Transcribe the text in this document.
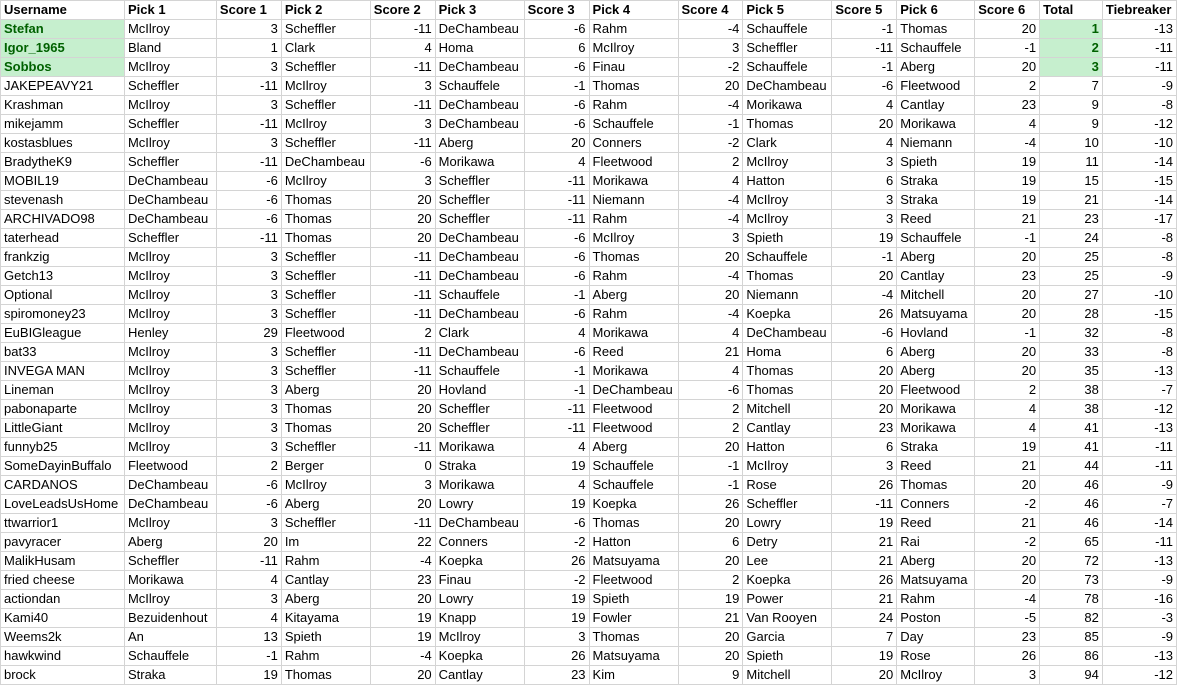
Username	Pick 1	Score 1	Pick 2	Score 2	Pick 3	Score 3	Pick 4	Score 4	Pick 5	Score 5	Pick 6	Score 6	Total	Tiebreaker
Stefan	McIlroy	3	Scheffler	-11	DeChambeau	-6	Rahm	-4	Schauffele	-1	Thomas	20	1	-13
Igor_1965	Bland	1	Clark	4	Homa	6	McIlroy	3	Scheffler	-11	Schauffele	-1	2	-11
Sobbos	McIlroy	3	Scheffler	-11	DeChambeau	-6	Finau	-2	Schauffele	-1	Aberg	20	3	-11
JAKEPEAVY21	Scheffler	-11	McIlroy	3	Schauffele	-1	Thomas	20	DeChambeau	-6	Fleetwood	2	7	-9
Krashman	McIlroy	3	Scheffler	-11	DeChambeau	-6	Rahm	-4	Morikawa	4	Cantlay	23	9	-8
mikejamm	Scheffler	-11	McIlroy	3	DeChambeau	-6	Schauffele	-1	Thomas	20	Morikawa	4	9	-12
kostasblues	McIlroy	3	Scheffler	-11	Aberg	20	Conners	-2	Clark	4	Niemann	-4	10	-10
BradytheK9	Scheffler	-11	DeChambeau	-6	Morikawa	4	Fleetwood	2	McIlroy	3	Spieth	19	11	-14
MOBIL19	DeChambeau	-6	McIlroy	3	Scheffler	-11	Morikawa	4	Hatton	6	Straka	19	15	-15
stevenash	DeChambeau	-6	Thomas	20	Scheffler	-11	Niemann	-4	McIlroy	3	Straka	19	21	-14
ARCHIVADO98	DeChambeau	-6	Thomas	20	Scheffler	-11	Rahm	-4	McIlroy	3	Reed	21	23	-17
taterhead	Scheffler	-11	Thomas	20	DeChambeau	-6	McIlroy	3	Spieth	19	Schauffele	-1	24	-8
frankzig	McIlroy	3	Scheffler	-11	DeChambeau	-6	Thomas	20	Schauffele	-1	Aberg	20	25	-8
Getch13	McIlroy	3	Scheffler	-11	DeChambeau	-6	Rahm	-4	Thomas	20	Cantlay	23	25	-9
Optional	McIlroy	3	Scheffler	-11	Schauffele	-1	Aberg	20	Niemann	-4	Mitchell	20	27	-10
spiromoney23	McIlroy	3	Scheffler	-11	DeChambeau	-6	Rahm	-4	Koepka	26	Matsuyama	20	28	-15
EuBIGleague	Henley	29	Fleetwood	2	Clark	4	Morikawa	4	DeChambeau	-6	Hovland	-1	32	-8
bat33	McIlroy	3	Scheffler	-11	DeChambeau	-6	Reed	21	Homa	6	Aberg	20	33	-8
INVEGA MAN	McIlroy	3	Scheffler	-11	Schauffele	-1	Morikawa	4	Thomas	20	Aberg	20	35	-13
Lineman	McIlroy	3	Aberg	20	Hovland	-1	DeChambeau	-6	Thomas	20	Fleetwood	2	38	-7
pabonaparte	McIlroy	3	Thomas	20	Scheffler	-11	Fleetwood	2	Mitchell	20	Morikawa	4	38	-12
LittleGiant	McIlroy	3	Thomas	20	Scheffler	-11	Fleetwood	2	Cantlay	23	Morikawa	4	41	-13
funnyb25	McIlroy	3	Scheffler	-11	Morikawa	4	Aberg	20	Hatton	6	Straka	19	41	-11
SomeDayinBuffalo	Fleetwood	2	Berger	0	Straka	19	Schauffele	-1	McIlroy	3	Reed	21	44	-11
CARDANOS	DeChambeau	-6	McIlroy	3	Morikawa	4	Schauffele	-1	Rose	26	Thomas	20	46	-9
LoveLeadsUsHome	DeChambeau	-6	Aberg	20	Lowry	19	Koepka	26	Scheffler	-11	Conners	-2	46	-7
ttwarrior1	McIlroy	3	Scheffler	-11	DeChambeau	-6	Thomas	20	Lowry	19	Reed	21	46	-14
pavyracer	Aberg	20	Im	22	Conners	-2	Hatton	6	Detry	21	Rai	-2	65	-11
MalikHusam	Scheffler	-11	Rahm	-4	Koepka	26	Matsuyama	20	Lee	21	Aberg	20	72	-13
fried cheese	Morikawa	4	Cantlay	23	Finau	-2	Fleetwood	2	Koepka	26	Matsuyama	20	73	-9
actiondan	McIlroy	3	Aberg	20	Lowry	19	Spieth	19	Power	21	Rahm	-4	78	-16
Kami40	Bezuidenhout	4	Kitayama	19	Knapp	19	Fowler	21	Van Rooyen	24	Poston	-5	82	-3
Weems2k	An	13	Spieth	19	McIlroy	3	Thomas	20	Garcia	7	Day	23	85	-9
hawkwind	Schauffele	-1	Rahm	-4	Koepka	26	Matsuyama	20	Spieth	19	Rose	26	86	-13
brock	Straka	19	Thomas	20	Cantlay	23	Kim	9	Mitchell	20	McIlroy	3	94	-12
